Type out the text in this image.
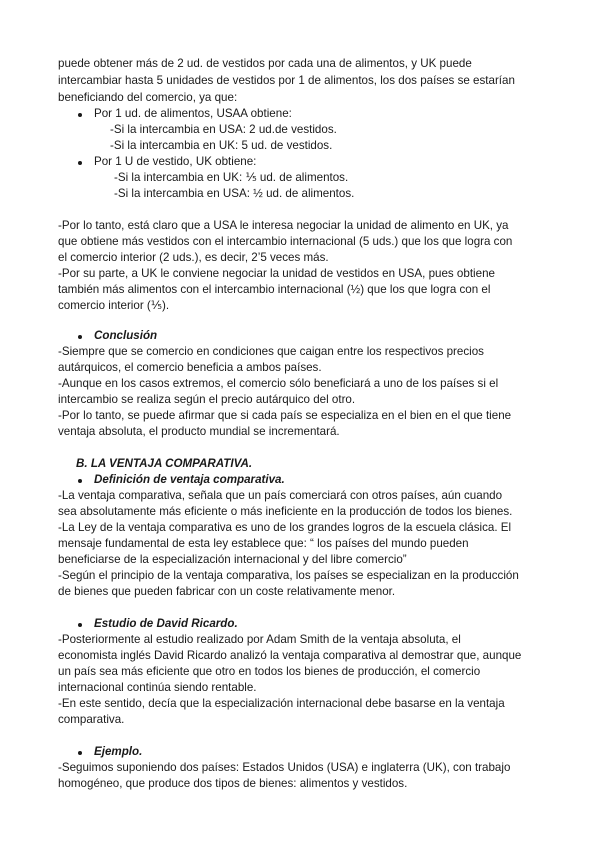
puede obtener más de 2 ud. de vestidos por cada una de alimentos, y UK puede
intercambiar hasta 5 unidades de vestidos por 1 de alimentos, los dos países se estarían
beneficiando del comercio, ya que:
Por 1 ud. de alimentos, USAA obtiene:
-Si la intercambia en USA: 2 ud.de vestidos.
-Si la intercambia en UK: 5 ud. de vestidos.
Por 1 U de vestido, UK obtiene:
-Si la intercambia en UK: ⅕ ud. de alimentos.
-Si la intercambia en USA: ½ ud. de alimentos.
-Por lo tanto, está claro que a USA le interesa negociar la unidad de alimento en UK, ya
que obtiene más vestidos con el intercambio internacional (5 uds.) que los que logra con
el comercio interior (2 uds.), es decir, 2’5 veces más.
-Por su parte, a UK le conviene negociar la unidad de vestidos en USA, pues obtiene
también más alimentos con el intercambio internacional (½) que los que logra con el
comercio interior (⅕).
Conclusión
-Siempre que se comercio en condiciones que caigan entre los respectivos precios
autárquicos, el comercio beneficia a ambos países.
-Aunque en los casos extremos, el comercio sólo beneficiará a uno de los países si el
intercambio se realiza según el precio autárquico del otro.
-Por lo tanto, se puede afirmar que si cada país se especializa en el bien en el que tiene
ventaja absoluta, el producto mundial se incrementará.
B. LA VENTAJA COMPARATIVA.
Definición de ventaja comparativa.
-La ventaja comparativa, señala que un país comerciará con otros países, aún cuando
sea absolutamente más eficiente o más ineficiente en la producción de todos los bienes.
-La Ley de la ventaja comparativa es uno de los grandes logros de la escuela clásica. El
mensaje fundamental de esta ley establece que: “ los países del mundo pueden
beneficiarse de la especialización internacional y del libre comercio”
-Según el principio de la ventaja comparativa, los países se especializan en la producción
de bienes que pueden fabricar con un coste relativamente menor.
Estudio de David Ricardo.
-Posteriormente al estudio realizado por Adam Smith de la ventaja absoluta, el
economista inglés David Ricardo analizó la ventaja comparativa al demostrar que, aunque
un país sea más eficiente que otro en todos los bienes de producción, el comercio
internacional continúa siendo rentable.
-En este sentido, decía que la especialización internacional debe basarse en la ventaja
comparativa.
Ejemplo.
-Seguimos suponiendo dos países: Estados Unidos (USA) e inglaterra (UK), con trabajo
homogéneo, que produce dos tipos de bienes: alimentos y vestidos.
